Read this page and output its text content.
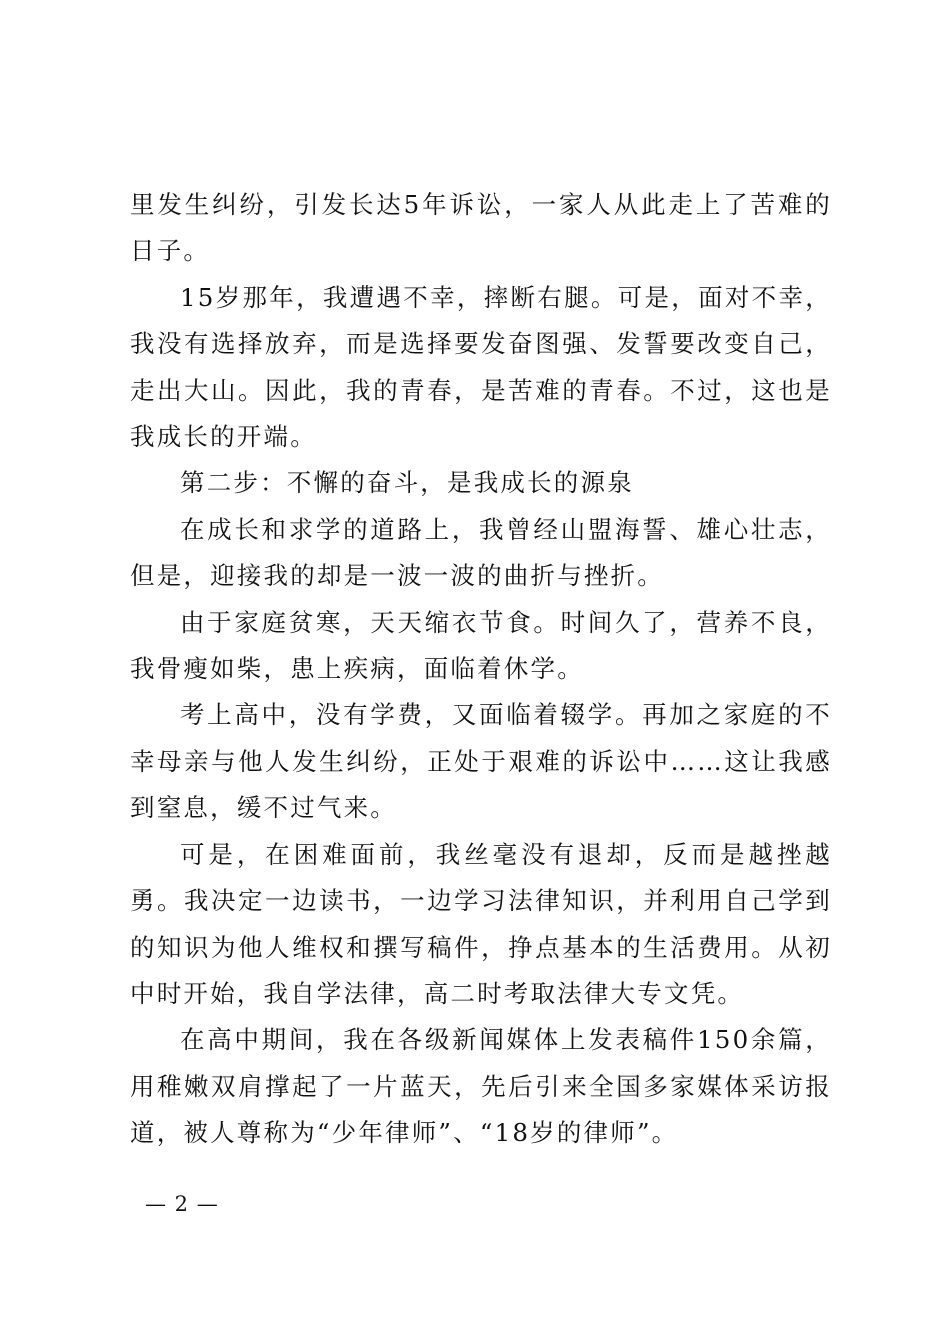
里发生纠纷，引发长达5年诉讼，一家人从此走上了苦难的日子。

15岁那年，我遭遇不幸，摔断右腿。可是，面对不幸，我没有选择放弃，而是选择要发奋图强、发誓要改变自己，走出大山。因此，我的青春，是苦难的青春。不过，这也是我成长的开端。

第二步：不懈的奋斗，是我成长的源泉

在成长和求学的道路上，我曾经山盟海誓、雄心壮志，但是，迎接我的却是一波一波的曲折与挫折。

由于家庭贫寒，天天缩衣节食。时间久了，营养不良，我骨瘦如柴，患上疾病，面临着休学。

考上高中，没有学费，又面临着辍学。再加之家庭的不幸母亲与他人发生纠纷，正处于艰难的诉讼中……这让我感到窒息，缓不过气来。

可是，在困难面前，我丝毫没有退却，反而是越挫越勇。我决定一边读书，一边学习法律知识，并利用自己学到的知识为他人维权和撰写稿件，挣点基本的生活费用。从初中时开始，我自学法律，高二时考取法律大专文凭。

在高中期间，我在各级新闻媒体上发表稿件150余篇，用稚嫩双肩撑起了一片蓝天，先后引来全国多家媒体采访报道，被人尊称为“少年律师”、“18岁的律师”。

— 2 —
